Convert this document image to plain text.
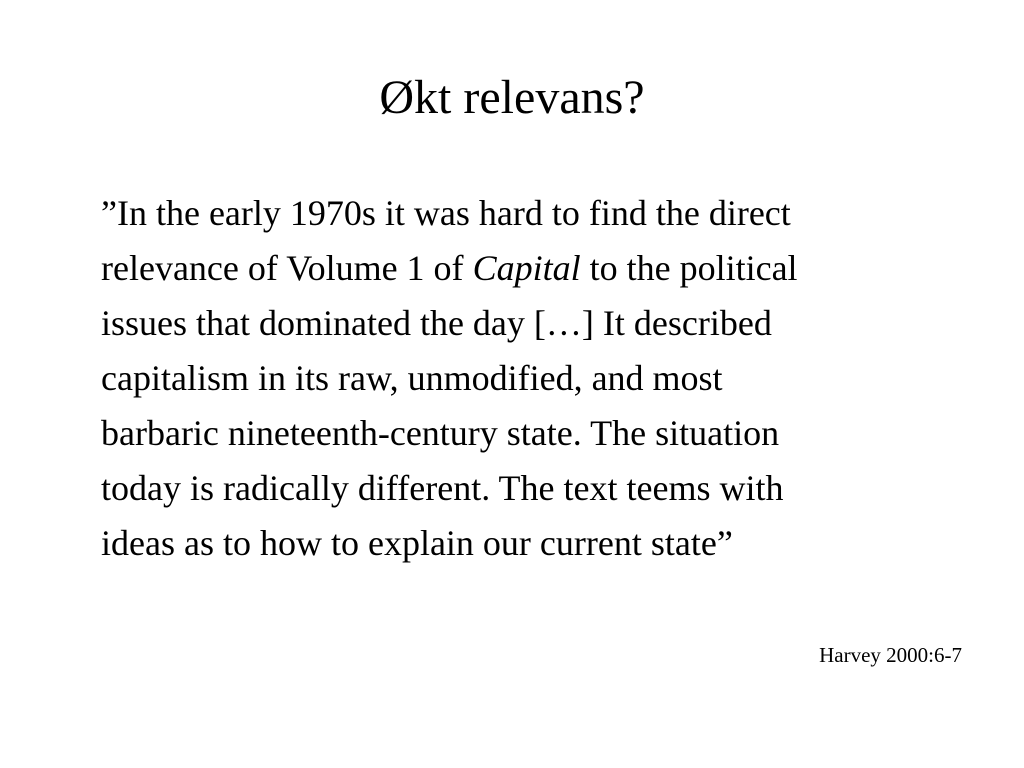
Økt relevans?
”In the early 1970s it was hard to find the direct
relevance of Volume 1 of Capital to the political
issues that dominated the day […] It described
capitalism in its raw, unmodified, and most
barbaric nineteenth-century state. The situation
today is radically different. The text teems with
ideas as to how to explain our current state”

Harvey 2000:6-7
